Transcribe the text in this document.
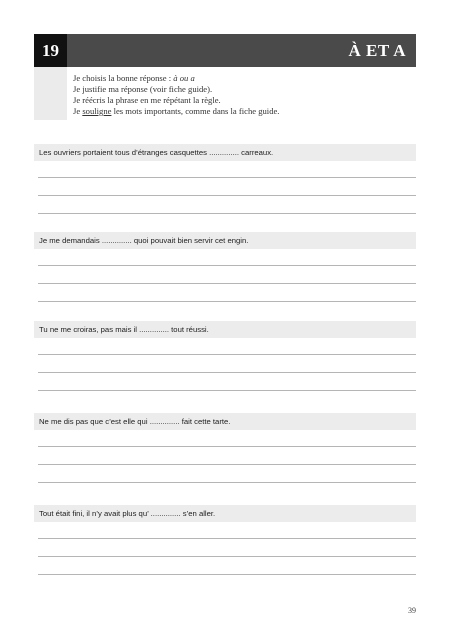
19	À ET A
Je choisis la bonne réponse : à ou a
Je justifie ma réponse (voir fiche guide).
Je réécris la phrase en me répétant la règle.
Je souligne les mots importants, comme dans la fiche guide.
Les ouvriers portaient tous d’étranges casquettes .............. carreaux.
Je me demandais .............. quoi pouvait bien servir cet engin.
Tu ne me croiras, pas mais il .............. tout réussi.
Ne me dis pas que c’est elle qui .............. fait cette tarte.
Tout était fini, il n’y avait plus qu’ .............. s’en aller.
39
